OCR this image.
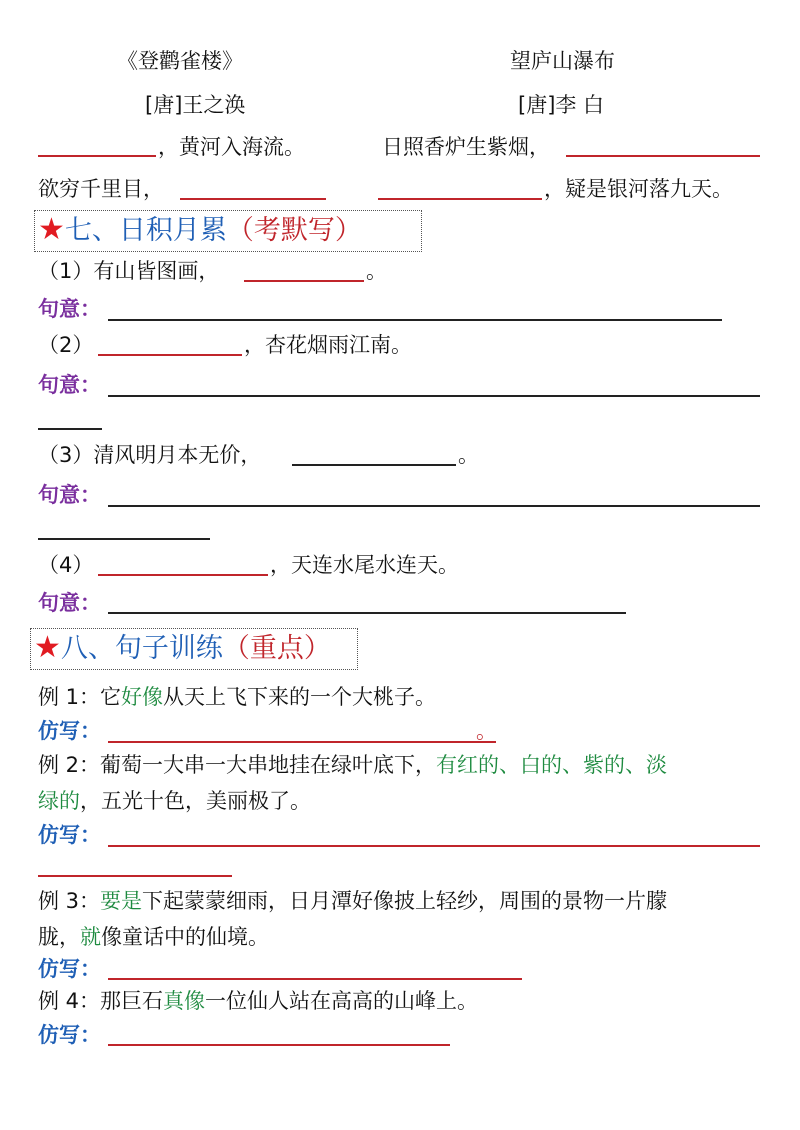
《登鹳雀楼》	望庐山瀑布
[唐]王之涣	[唐]李 白
，黄河入海流。	日照香炉生紫烟，
欲穷千里目，	，疑是银河落九天。
★七、日积月累（考默写）
（1）有山皆图画，	。
句意：
（2）	，杏花烟雨江南。
句意：
（3）清风明月本无价，	。
句意：
（4）	，天连水尾水连天。
句意：
★八、句子训练（重点）
例 1：它好像从天上飞下来的一个大桃子。
仿写：	。
例 2：葡萄一大串一大串地挂在绿叶底下，有红的、白的、紫的、淡
绿的，五光十色，美丽极了。
仿写：
例 3：要是下起蒙蒙细雨，日月潭好像披上轻纱，周围的景物一片朦
胧，就像童话中的仙境。
仿写：
例 4：那巨石真像一位仙人站在高高的山峰上。
仿写：
